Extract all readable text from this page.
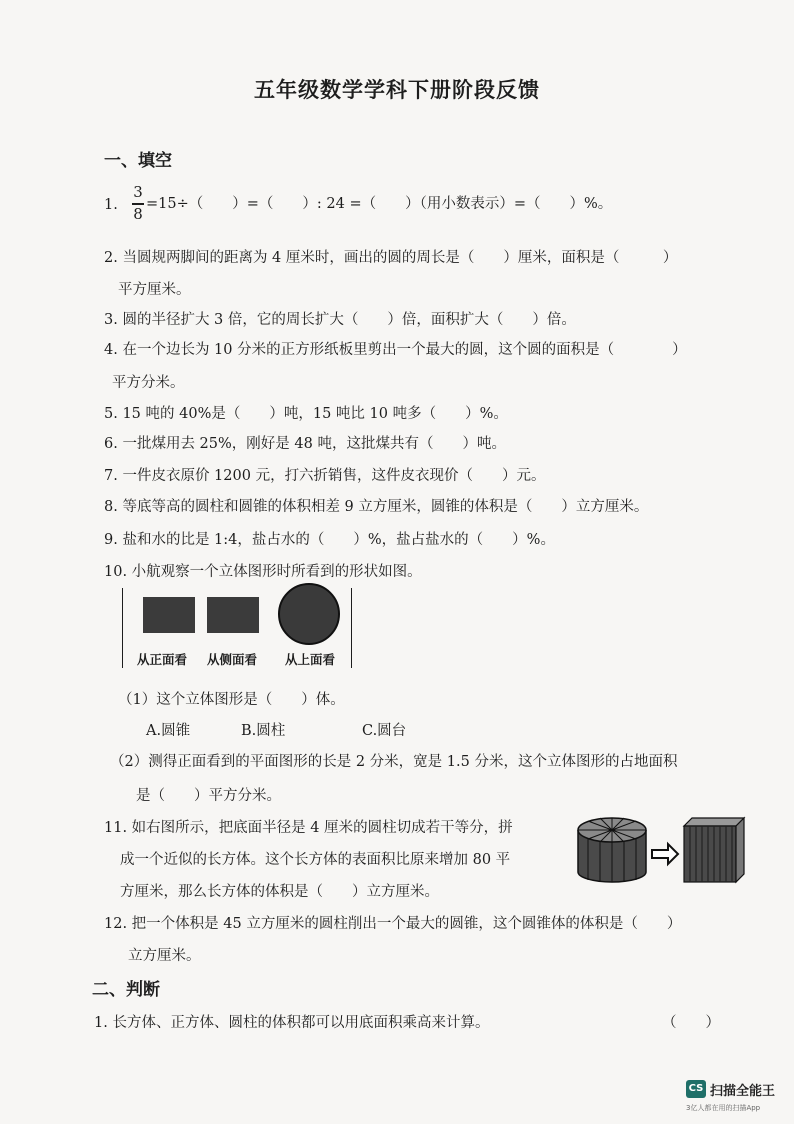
五年级数学学科下册阶段反馈
一、填空
1.
3
8
=15÷（　　）=（　　）: 24 =（　　）（用小数表示）=（　　）%。
2. 当圆规两脚间的距离为 4 厘米时，画出的圆的周长是（　　）厘米，面积是（　　　）
平方厘米。
3. 圆的半径扩大 3 倍，它的周长扩大（　　）倍，面积扩大（　　）倍。
4. 在一个边长为 10 分米的正方形纸板里剪出一个最大的圆，这个圆的面积是（　　　　）
平方分米。
5. 15 吨的 40%是（　　）吨，15 吨比 10 吨多（　　）%。
6. 一批煤用去 25%，刚好是 48 吨，这批煤共有（　　）吨。
7. 一件皮衣原价 1200 元，打六折销售，这件皮衣现价（　　）元。
8. 等底等高的圆柱和圆锥的体积相差 9 立方厘米，圆锥的体积是（　　）立方厘米。
9. 盐和水的比是 1:4，盐占水的（　　）%，盐占盐水的（　　）%。
10. 小航观察一个立体图形时所看到的形状如图。
从正面看 从侧面看 从上面看
（1）这个立体图形是（　　）体。
A.圆锥	B.圆柱	C.圆台
（2）测得正面看到的平面图形的长是 2 分米，宽是 1.5 分米，这个立体图形的占地面积
是（　　）平方分米。
11. 如右图所示，把底面半径是 4 厘米的圆柱切成若干等分，拼
成一个近似的长方体。这个长方体的表面积比原来增加 80 平
方厘米，那么长方体的体积是（　　）立方厘米。
12. 把一个体积是 45 立方厘米的圆柱削出一个最大的圆锥，这个圆锥体的体积是（　　）
立方厘米。
二、判断
1. 长方体、正方体、圆柱的体积都可以用底面积乘高来计算。	（　　）
CS 扫描全能王
3亿人都在用的扫描App
